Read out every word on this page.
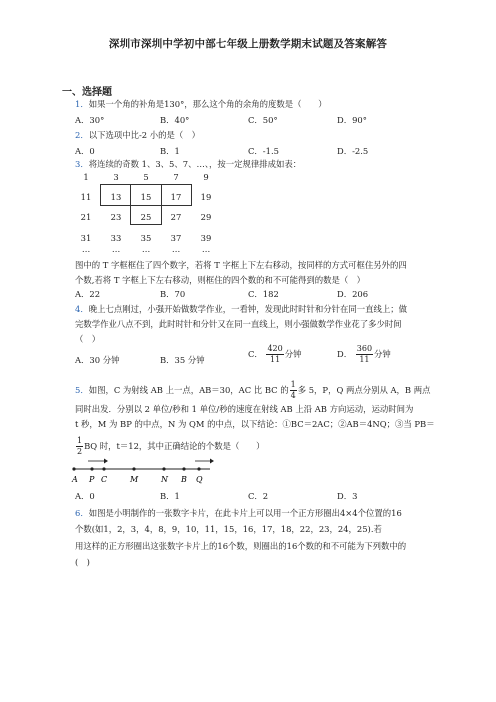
深圳市深圳中学初中部七年级上册数学期末试题及答案解答
一、选择题
1．如果一个角的补角是130°，那么这个角的余角的度数是（　　）
A．30°	B．40°	C．50°	D．90°
2．以下选项中比-2 小的是（　）
A．0	B．1	C．-1.5	D．-2.5
3．将连续的奇数 1、3、5、7、…、，按一定规律排成如表：
1	3	5	7	9
11	13	15	17	19
21	23	25	27	29
31	33	35	37	39
…	…	…	…	…
图中的 T 字框框住了四个数字，若将 T 字框上下左右移动，按同样的方式可框住另外的四
个数,若将 T 字框上下左右移动，则框住的四个数的和不可能得到的数是（　）
A．22	B．70	C．182	D．206
4．晚上七点刚过，小强开始做数学作业，一看钟，发现此时时针和分针在同一直线上；做
完数学作业八点不到，此时时针和分针又在同一直线上，则小强做数学作业花了多少时间
（　）
A．30 分钟	B．35 分钟
C． $\frac{420}{11}$ 分钟	D． $\frac{360}{11}$ 分钟
5．如图，C 为射线 AB 上一点，AB＝30，AC 比 BC 的 $\frac{1}{4}$ 多 5，P，Q 两点分别从 A，B 两点
同时出发．分别以 2 单位/秒和 1 单位/秒的速度在射线 AB 上沿 AB 方向运动，运动时间为
t 秒，M 为 BP 的中点，N 为 QM 的中点，以下结论：①BC＝2AC；②AB＝4NQ；③当 PB＝
$\frac{1}{2}$ BQ 时，t＝12，其中正确结论的个数是（　　）
A P C	M	N B Q
A．0	B．1	C．2	D．3
6．如图是小明制作的一张数字卡片，在此卡片上可以用一个正方形圈出4×4个位置的16
个数(如1，2，3，4，8，9，10，11，15，16，17，18，22，23，24，25).若
用这样的正方形圈出这张数字卡片上的16个数，则圈出的16个数的和不可能为下列数中的
(　)
